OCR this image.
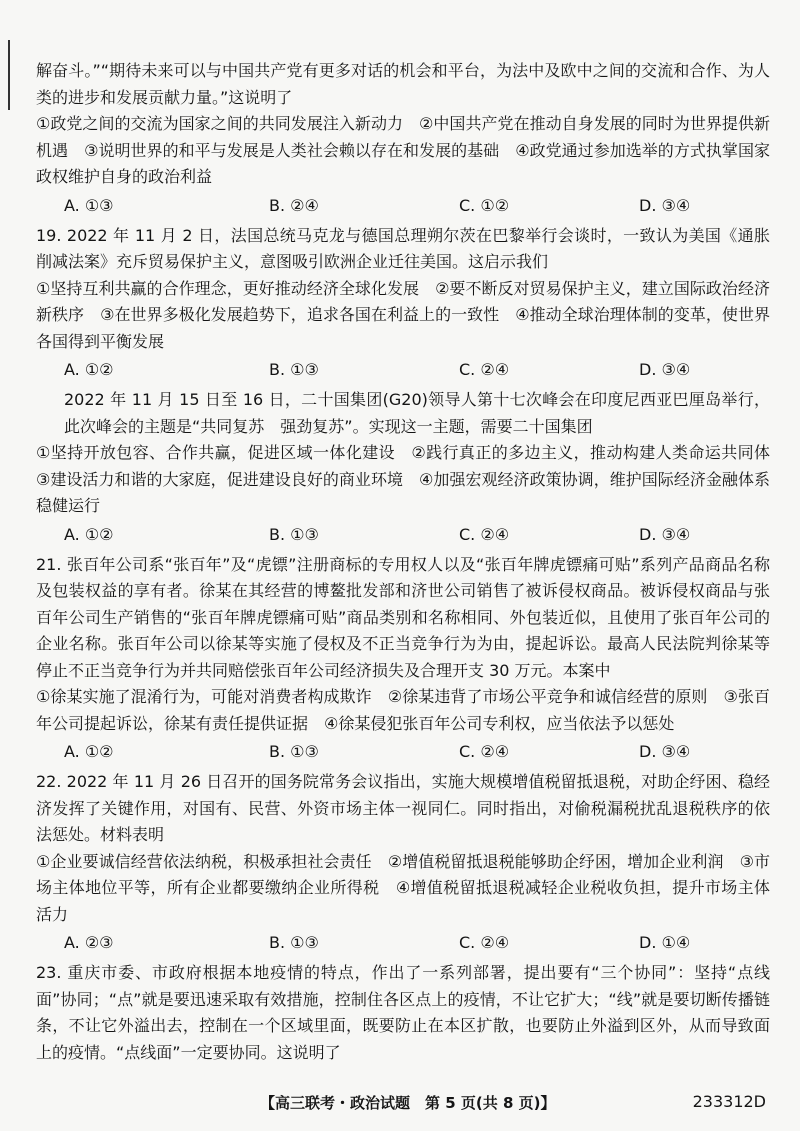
解奋斗。”“期待未来可以与中国共产党有更多对话的机会和平台，为法中及欧中之间的交流和合作、为人类的进步和发展贡献力量。”这说明了

①政党之间的交流为国家之间的共同发展注入新动力　②中国共产党在推动自身发展的同时为世界提供新机遇　③说明世界的和平与发展是人类社会赖以存在和发展的基础　④政党通过参加选举的方式执掌国家政权维护自身的政治利益

A. ①③	B. ②④	C. ①②	D. ③④

19. 2022 年 11 月 2 日，法国总统马克龙与德国总理朔尔茨在巴黎举行会谈时，一致认为美国《通胀削减法案》充斥贸易保护主义，意图吸引欧洲企业迁往美国。这启示我们

①坚持互利共赢的合作理念，更好推动经济全球化发展　②要不断反对贸易保护主义，建立国际政治经济新秩序　③在世界多极化发展趋势下，追求各国在利益上的一致性　④推动全球治理体制的变革，使世界各国得到平衡发展

A. ①②	B. ①③	C. ②④	D. ③④

2022 年 11 月 15 日至 16 日，二十国集团(G20)领导人第十七次峰会在印度尼西亚巴厘岛举行，此次峰会的主题是“共同复苏　强劲复苏”。实现这一主题，需要二十国集团

①坚持开放包容、合作共赢，促进区域一体化建设　②践行真正的多边主义，推动构建人类命运共同体　③建设活力和谐的大家庭，促进建设良好的商业环境　④加强宏观经济政策协调，维护国际经济金融体系稳健运行

A. ①②	B. ①③	C. ②④	D. ③④

21. 张百年公司系“张百年”及“虎镖”注册商标的专用权人以及“张百年牌虎镖痛可贴”系列产品商品名称及包装权益的享有者。徐某在其经营的博鳌批发部和济世公司销售了被诉侵权商品。被诉侵权商品与张百年公司生产销售的“张百年牌虎镖痛可贴”商品类别和名称相同、外包装近似，且使用了张百年公司的企业名称。张百年公司以徐某等实施了侵权及不正当竞争行为为由，提起诉讼。最高人民法院判徐某等停止不正当竞争行为并共同赔偿张百年公司经济损失及合理开支 30 万元。本案中

①徐某实施了混淆行为，可能对消费者构成欺诈　②徐某违背了市场公平竞争和诚信经营的原则　③张百年公司提起诉讼，徐某有责任提供证据　④徐某侵犯张百年公司专利权，应当依法予以惩处

A. ①②	B. ①③	C. ②④	D. ③④

22. 2022 年 11 月 26 日召开的国务院常务会议指出，实施大规模增值税留抵退税，对助企纾困、稳经济发挥了关键作用，对国有、民营、外资市场主体一视同仁。同时指出，对偷税漏税扰乱退税秩序的依法惩处。材料表明

①企业要诚信经营依法纳税，积极承担社会责任　②增值税留抵退税能够助企纾困，增加企业利润　③市场主体地位平等，所有企业都要缴纳企业所得税　④增值税留抵退税减轻企业税收负担，提升市场主体活力

A. ②③	B. ①③	C. ②④	D. ①④

23. 重庆市委、市政府根据本地疫情的特点，作出了一系列部署，提出要有“三个协同”：坚持“点线面”协同；“点”就是要迅速采取有效措施，控制住各区点上的疫情，不让它扩大；“线”就是要切断传播链条，不让它外溢出去，控制在一个区域里面，既要防止在本区扩散，也要防止外溢到区外，从而导致面上的疫情。“点线面”一定要协同。这说明了

【高三联考・政治试题　第 5 页(共 8 页)】	233312D
